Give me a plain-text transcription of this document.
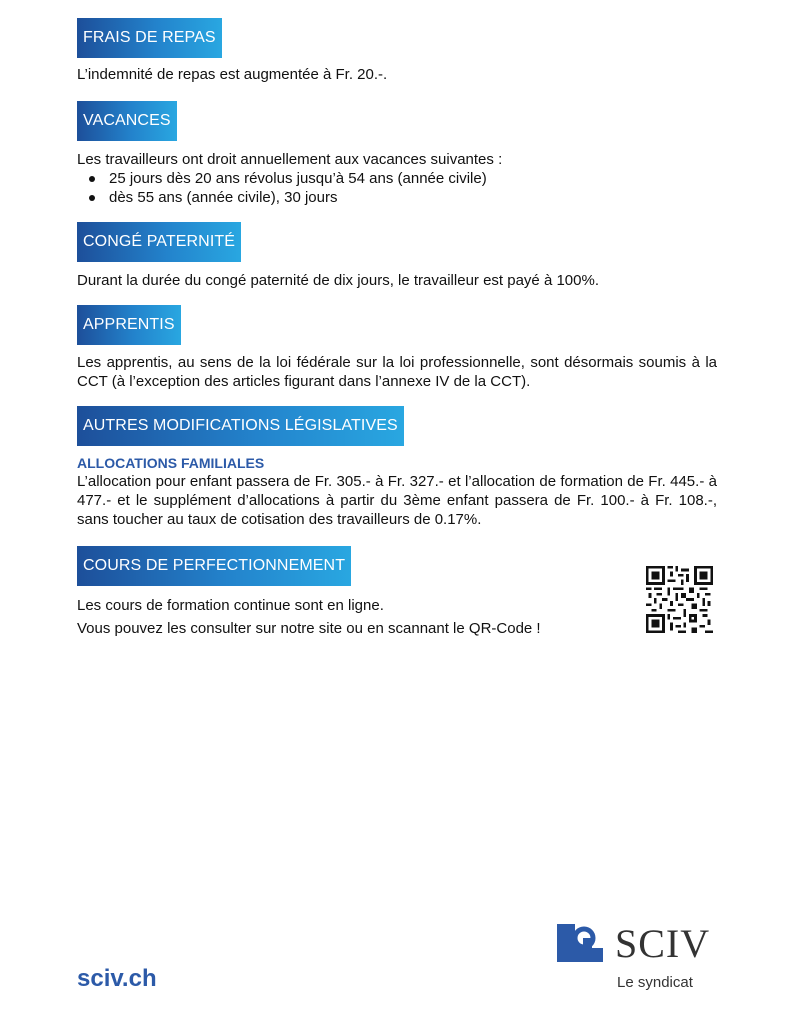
FRAIS DE REPAS

L’indemnité de repas est augmentée à Fr. 20.-.

VACANCES

Les travailleurs ont droit annuellement aux vacances suivantes :

25 jours dès 20 ans révolus jusqu’à 54 ans (année civile)
dès 55 ans (année civile), 30 jours
CONGÉ PATERNITÉ

Durant la durée du congé paternité de dix jours, le travailleur est payé à 100%.

APPRENTIS

Les apprentis, au sens de la loi fédérale sur la loi professionnelle, sont désormais soumis à la CCT (à l’exception des articles figurant dans l’annexe IV de la CCT).

AUTRES MODIFICATIONS LÉGISLATIVES

ALLOCATIONS FAMILIALES

L’allocation pour enfant passera de Fr. 305.- à Fr. 327.- et l’allocation de formation de Fr. 445.- à 477.- et le supplément d’allocations à partir du 3ème enfant passera de Fr. 100.- à Fr. 108.-, sans toucher au taux de cotisation des travailleurs de 0.17%.

COURS DE PERFECTIONNEMENT

Les cours de formation continue sont en ligne.

Vous pouvez les consulter sur notre site ou en scannant le QR-Code !

sciv.ch
SCIV
Le syndicat
